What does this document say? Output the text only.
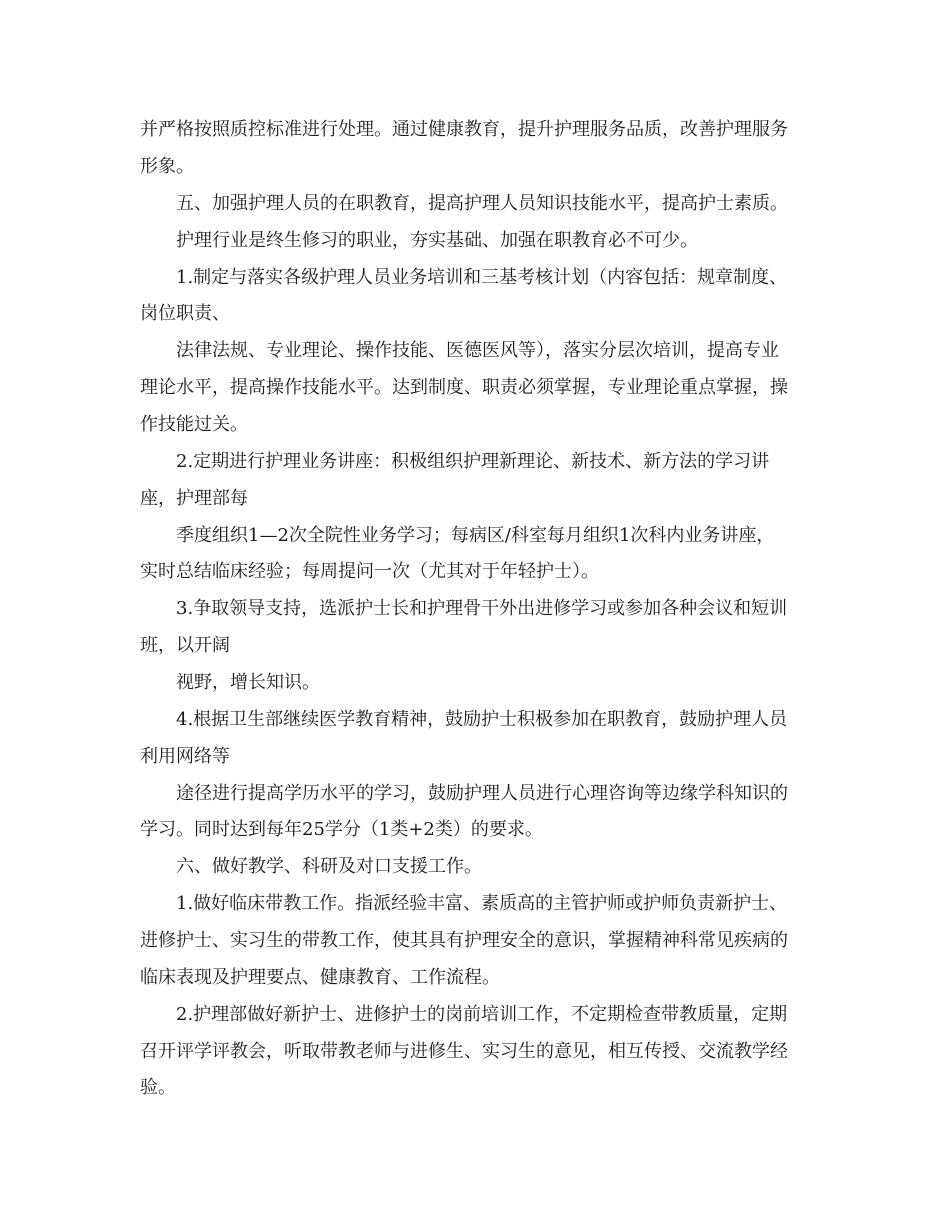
并严格按照质控标准进行处理。通过健康教育，提升护理服务品质，改善护理服务

形象。

五、加强护理人员的在职教育，提高护理人员知识技能水平，提高护士素质。

护理行业是终生修习的职业，夯实基础、加强在职教育必不可少。

1.制定与落实各级护理人员业务培训和三基考核计划（内容包括：规章制度、

岗位职责、

法律法规、专业理论、操作技能、医德医风等），落实分层次培训，提高专业

理论水平，提高操作技能水平。达到制度、职责必须掌握，专业理论重点掌握，操

作技能过关。

2.定期进行护理业务讲座：积极组织护理新理论、新技术、新方法的学习讲

座，护理部每

季度组织1—2次全院性业务学习；每病区/科室每月组织1次科内业务讲座，

实时总结临床经验；每周提问一次（尤其对于年轻护士）。

3.争取领导支持，选派护士长和护理骨干外出进修学习或参加各种会议和短训

班，以开阔

视野，增长知识。

4.根据卫生部继续医学教育精神，鼓励护士积极参加在职教育，鼓励护理人员

利用网络等

途径进行提高学历水平的学习，鼓励护理人员进行心理咨询等边缘学科知识的

学习。同时达到每年25学分（1类+2类）的要求。

六、做好教学、科研及对口支援工作。

1.做好临床带教工作。指派经验丰富、素质高的主管护师或护师负责新护士、

进修护士、实习生的带教工作，使其具有护理安全的意识，掌握精神科常见疾病的

临床表现及护理要点、健康教育、工作流程。

2.护理部做好新护士、进修护士的岗前培训工作，不定期检查带教质量，定期

召开评学评教会，听取带教老师与进修生、实习生的意见，相互传授、交流教学经

验。
